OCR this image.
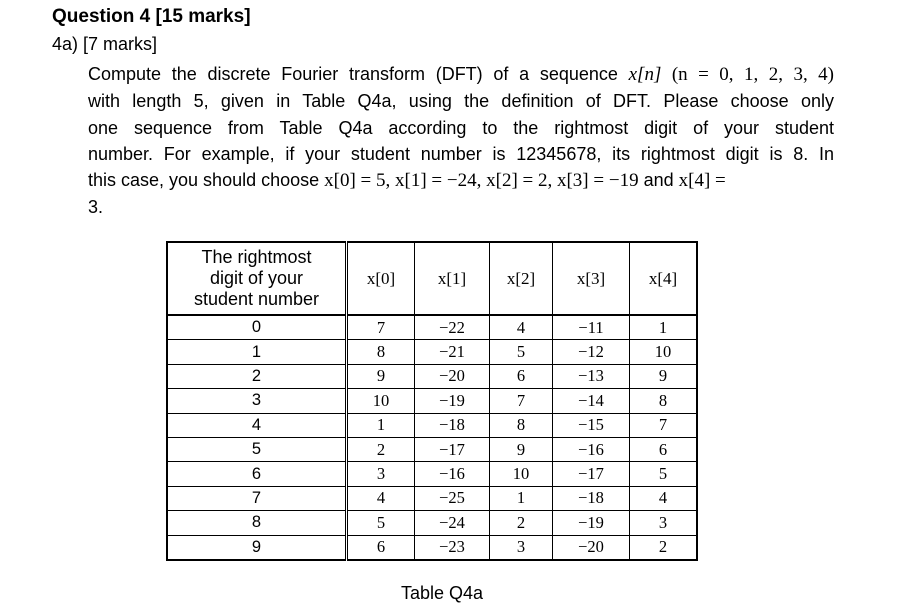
Question 4 [15 marks]
4a) [7 marks]
Compute the discrete Fourier transform (DFT) of a sequence x[n] (n = 0, 1, 2, 3, 4)
with length 5, given in Table Q4a, using the definition of DFT. Please choose only
one sequence from Table Q4a according to the rightmost digit of your student
number. For example, if your student number is 12345678, its rightmost digit is 8. In
this case, you should choose x[0] = 5, x[1] = −24, x[2] = 2, x[3] = −19 and x[4] =
3.
The rightmost
digit of your
student number	x[0]	x[1]	x[2]	x[3]	x[4]
0	7	−22	4	−11	1
1	8	−21	5	−12	10
2	9	−20	6	−13	9
3	10	−19	7	−14	8
4	1	−18	8	−15	7
5	2	−17	9	−16	6
6	3	−16	10	−17	5
7	4	−25	1	−18	4
8	5	−24	2	−19	3
9	6	−23	3	−20	2
Table Q4a
